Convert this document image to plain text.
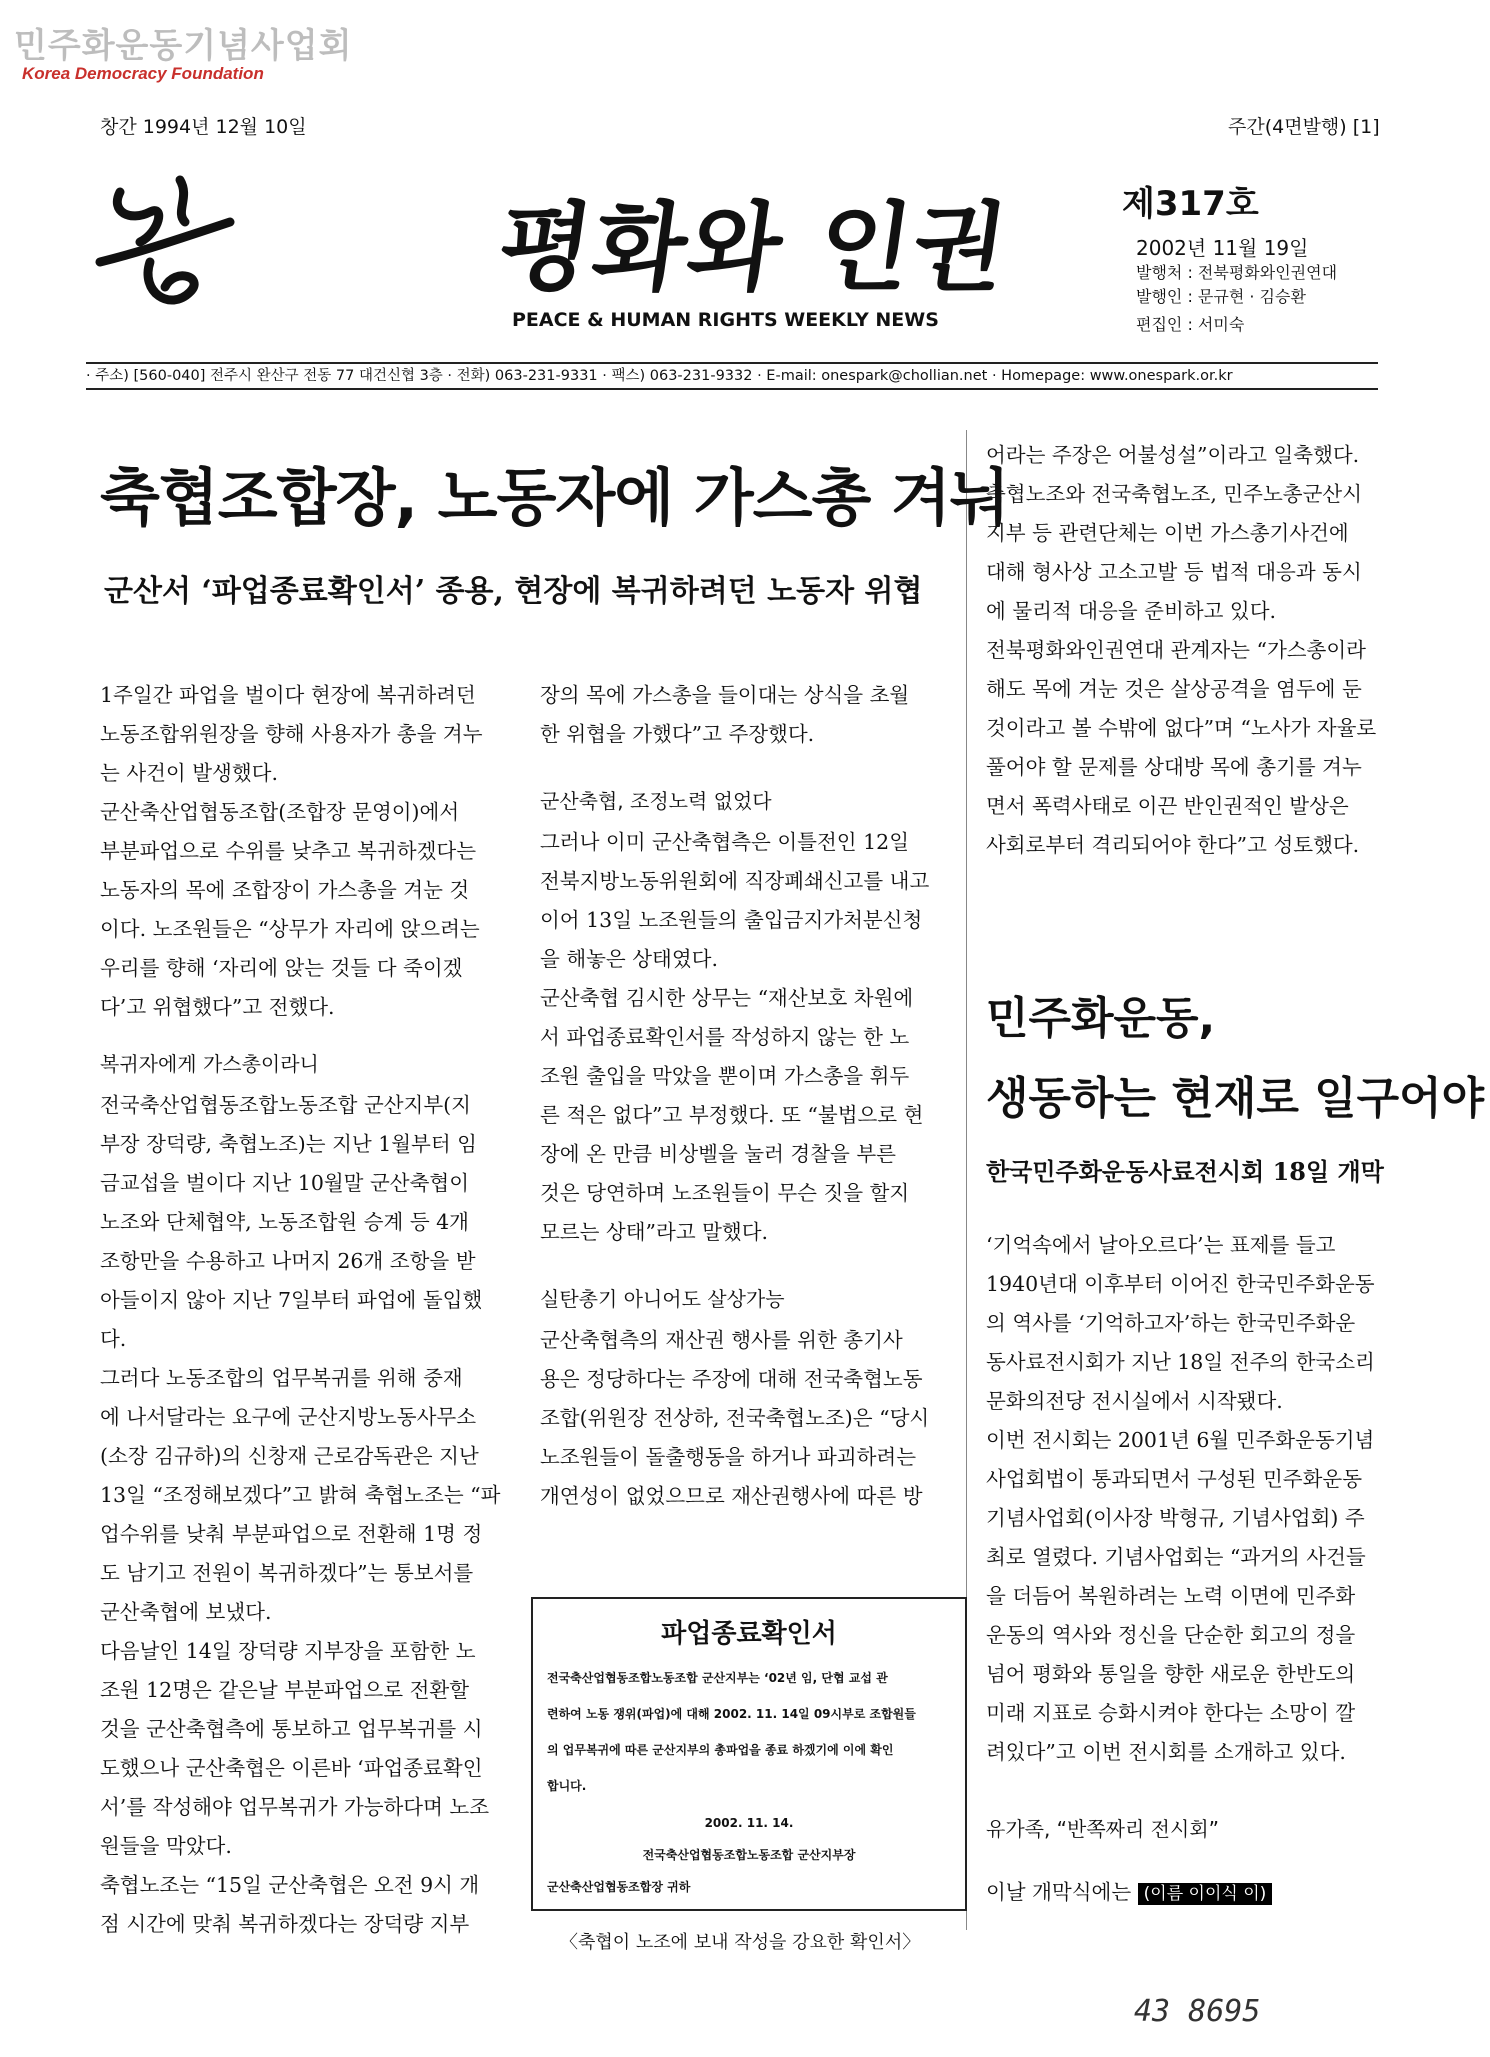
민주화운동기념사업회
Korea Democracy Foundation
창간 1994년 12월 10일	주간(4면발행) [1]
평화와 인권
PEACE & HUMAN RIGHTS WEEKLY NEWS
제317호
2002년 11월 19일
발행처 : 전북평화와인권연대
발행인 : 문규현 · 김승환
편집인 : 서미숙
· 주소) [560-040] 전주시 완산구 전동 77 대건신협 3층 · 전화) 063-231-9331 · 팩스) 063-231-9332 · E-mail: onespark@chollian.net · Homepage: www.onespark.or.kr
축협조합장, 노동자에 가스총 겨눠
군산서 ‘파업종료확인서’ 종용, 현장에 복귀하려던 노동자 위협
1주일간 파업을 벌이다 현장에 복귀하려던
노동조합위원장을 향해 사용자가 총을 겨누
는 사건이 발생했다.
군산축산업협동조합(조합장 문영이)에서
부분파업으로 수위를 낮추고 복귀하겠다는
노동자의 목에 조합장이 가스총을 겨눈 것
이다. 노조원들은 “상무가 자리에 앉으려는
우리를 향해 ‘자리에 앉는 것들 다 죽이겠
다’고 위협했다”고 전했다.
복귀자에게 가스총이라니
전국축산업협동조합노동조합 군산지부(지
부장 장덕량, 축협노조)는 지난 1월부터 임
금교섭을 벌이다 지난 10월말 군산축협이
노조와 단체협약, 노동조합원 승계 등 4개
조항만을 수용하고 나머지 26개 조항을 받
아들이지 않아 지난 7일부터 파업에 돌입했
다.
그러다 노동조합의 업무복귀를 위해 중재
에 나서달라는 요구에 군산지방노동사무소
(소장 김규하)의 신창재 근로감독관은 지난
13일 “조정해보겠다”고 밝혀 축협노조는 “파
업수위를 낮춰 부분파업으로 전환해 1명 정
도 남기고 전원이 복귀하겠다”는 통보서를
군산축협에 보냈다.
다음날인 14일 장덕량 지부장을 포함한 노
조원 12명은 같은날 부분파업으로 전환할
것을 군산축협측에 통보하고 업무복귀를 시
도했으나 군산축협은 이른바 ‘파업종료확인
서’를 작성해야 업무복귀가 가능하다며 노조
원들을 막았다.
축협노조는 “15일 군산축협은 오전 9시 개
점 시간에 맞춰 복귀하겠다는 장덕량 지부
장의 목에 가스총을 들이대는 상식을 초월
한 위협을 가했다”고 주장했다.
군산축협, 조정노력 없었다
그러나 이미 군산축협측은 이틀전인 12일
전북지방노동위원회에 직장폐쇄신고를 내고
이어 13일 노조원들의 출입금지가처분신청
을 해놓은 상태였다.
군산축협 김시한 상무는 “재산보호 차원에
서 파업종료확인서를 작성하지 않는 한 노
조원 출입을 막았을 뿐이며 가스총을 휘두
른 적은 없다”고 부정했다. 또 “불법으로 현
장에 온 만큼 비상벨을 눌러 경찰을 부른
것은 당연하며 노조원들이 무슨 짓을 할지
모르는 상태”라고 말했다.
실탄총기 아니어도 살상가능
군산축협측의 재산권 행사를 위한 총기사
용은 정당하다는 주장에 대해 전국축협노동
조합(위원장 전상하, 전국축협노조)은 “당시
노조원들이 돌출행동을 하거나 파괴하려는
개연성이 없었으므로 재산권행사에 따른 방
파업종료확인서
전국축산업협동조합노동조합 군산지부는 ‘02년 임, 단협 교섭 관
련하여 노동 쟁위(파업)에 대해 2002. 11. 14일 09시부로 조합원들
의 업무복귀에 따른 군산지부의 총파업을 종료 하겠기에 이에 확인
합니다.
2002. 11. 14.
전국축산업협동조합노동조합 군산지부장
군산축산업협동조합장 귀하
〈축협이 노조에 보내 작성을 강요한 확인서〉
어라는 주장은 어불성설”이라고 일축했다.
축협노조와 전국축협노조, 민주노총군산시
지부 등 관련단체는 이번 가스총기사건에
대해 형사상 고소고발 등 법적 대응과 동시
에 물리적 대응을 준비하고 있다.
전북평화와인권연대 관계자는 “가스총이라
해도 목에 겨눈 것은 살상공격을 염두에 둔
것이라고 볼 수밖에 없다”며 “노사가 자율로
풀어야 할 문제를 상대방 목에 총기를 겨누
면서 폭력사태로 이끈 반인권적인 발상은
사회로부터 격리되어야 한다”고 성토했다.
민주화운동,
생동하는 현재로 일구어야
한국민주화운동사료전시회 18일 개막
‘기억속에서 날아오르다’는 표제를 들고
1940년대 이후부터 이어진 한국민주화운동
의 역사를 ‘기억하고자’하는 한국민주화운
동사료전시회가 지난 18일 전주의 한국소리
문화의전당 전시실에서 시작됐다.
이번 전시회는 2001년 6월 민주화운동기념
사업회법이 통과되면서 구성된 민주화운동
기념사업회(이사장 박형규, 기념사업회) 주
최로 열렸다. 기념사업회는 “과거의 사건들
을 더듬어 복원하려는 노력 이면에 민주화
운동의 역사와 정신을 단순한 회고의 정을
넘어 평화와 통일을 향한 새로운 한반도의
미래 지표로 승화시켜야 한다는 소망이 깔
려있다”고 이번 전시회를 소개하고 있다.
유가족, “반쪽짜리 전시회”
이날 개막식에는 (이름 이이식 이)
43 8695
